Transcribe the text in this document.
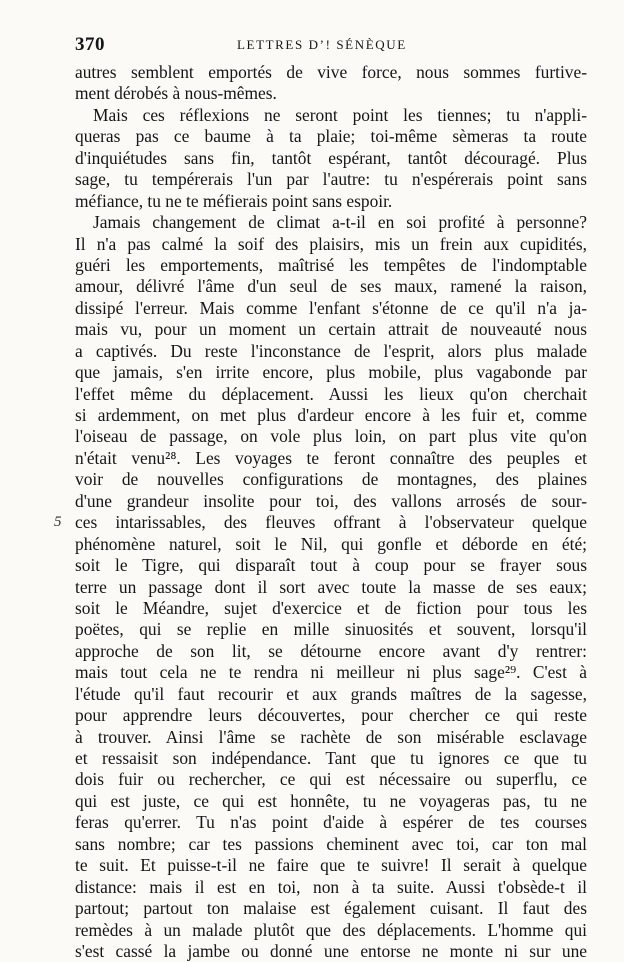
370	LETTRES D’! SÉNÈQUE
5
autres semblent emportés de vive force, nous sommes furtive-
ment dérobés à nous-mêmes.
Mais ces réflexions ne seront point les tiennes; tu n'appli-
queras pas ce baume à ta plaie; toi-même sèmeras ta route
d'inquiétudes sans fin, tantôt espérant, tantôt découragé. Plus
sage, tu tempérerais l'un par l'autre: tu n'espérerais point sans
méfiance, tu ne te méfierais point sans espoir.
Jamais changement de climat a-t-il en soi profité à personne?
Il n'a pas calmé la soif des plaisirs, mis un frein aux cupidités,
guéri les emportements, maîtrisé les tempêtes de l'indomptable
amour, délivré l'âme d'un seul de ses maux, ramené la raison,
dissipé l'erreur. Mais comme l'enfant s'étonne de ce qu'il n'a ja-
mais vu, pour un moment un certain attrait de nouveauté nous
a captivés. Du reste l'inconstance de l'esprit, alors plus malade
que jamais, s'en irrite encore, plus mobile, plus vagabonde par
l'effet même du déplacement. Aussi les lieux qu'on cherchait
si ardemment, on met plus d'ardeur encore à les fuir et, comme
l'oiseau de passage, on vole plus loin, on part plus vite qu'on
n'était venu²⁸. Les voyages te feront connaître des peuples et
voir de nouvelles configurations de montagnes, des plaines
d'une grandeur insolite pour toi, des vallons arrosés de sour-
ces intarissables, des fleuves offrant à l'observateur quelque
phénomène naturel, soit le Nil, qui gonfle et déborde en été;
soit le Tigre, qui disparaît tout à coup pour se frayer sous
terre un passage dont il sort avec toute la masse de ses eaux;
soit le Méandre, sujet d'exercice et de fiction pour tous les
poëtes, qui se replie en mille sinuosités et souvent, lorsqu'il
approche de son lit, se détourne encore avant d'y rentrer:
mais tout cela ne te rendra ni meilleur ni plus sage²⁹. C'est à
l'étude qu'il faut recourir et aux grands maîtres de la sagesse,
pour apprendre leurs découvertes, pour chercher ce qui reste
à trouver. Ainsi l'âme se rachète de son misérable esclavage
et ressaisit son indépendance. Tant que tu ignores ce que tu
dois fuir ou rechercher, ce qui est nécessaire ou superflu, ce
qui est juste, ce qui est honnête, tu ne voyageras pas, tu ne
feras qu'errer. Tu n'as point d'aide à espérer de tes courses
sans nombre; car tes passions cheminent avec toi, car ton mal
te suit. Et puisse-t-il ne faire que te suivre! Il serait à quelque
distance: mais il est en toi, non à ta suite. Aussi t'obsède-t il
partout; partout ton malaise est également cuisant. Il faut des
remèdes à un malade plutôt que des déplacements. L'homme qui
s'est cassé la jambe ou donné une entorse ne monte ni sur une
